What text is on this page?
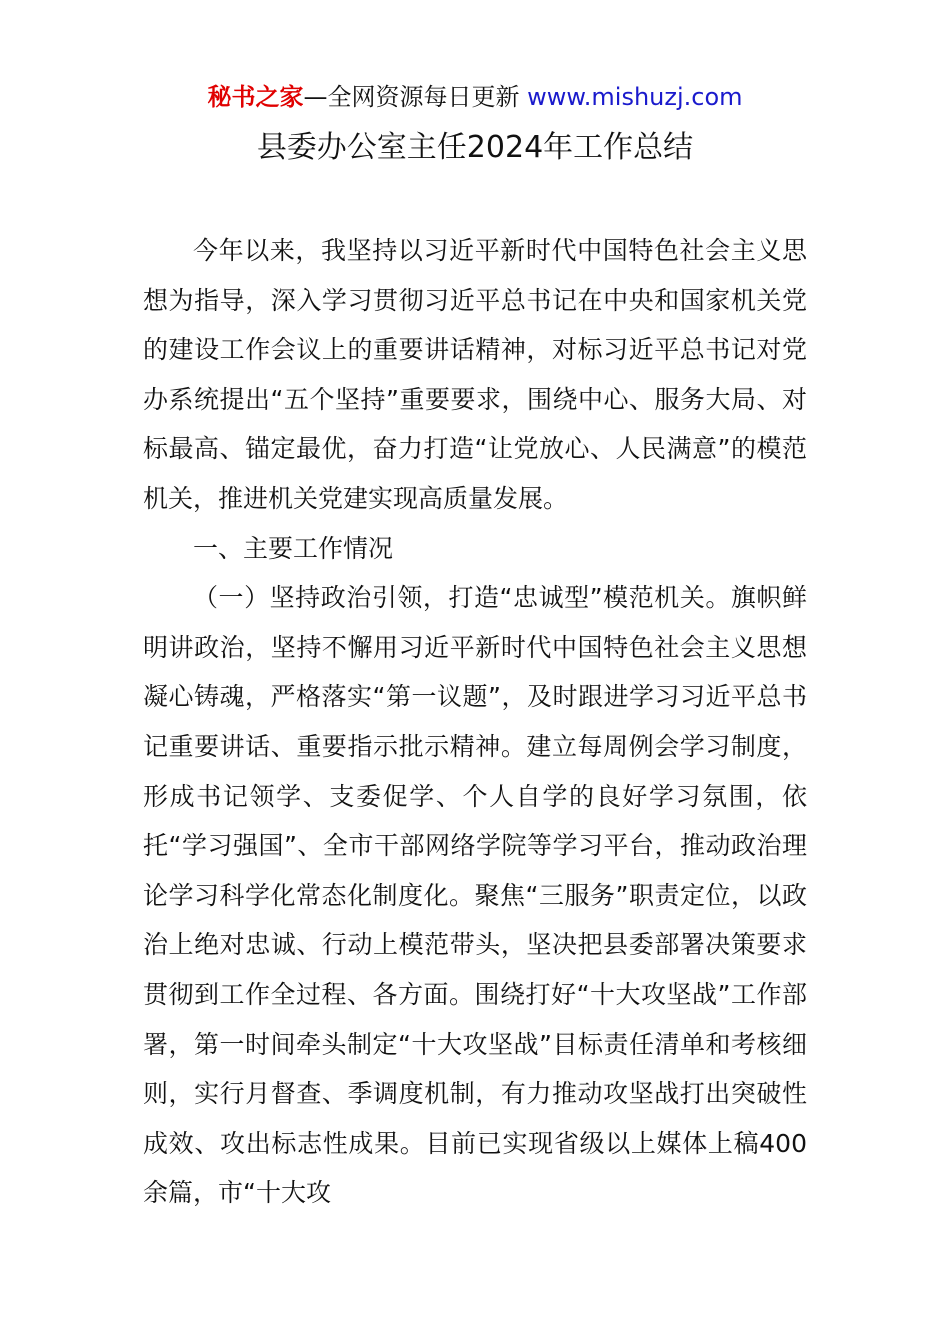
秘书之家—全网资源每日更新 www.mishuzj.com
县委办公室主任2024年工作总结

今年以来，我坚持以习近平新时代中国特色社会主义思想为指导，深入学习贯彻习近平总书记在中央和国家机关党的建设工作会议上的重要讲话精神，对标习近平总书记对党办系统提出“五个坚持”重要要求，围绕中心、服务大局、对标最高、锚定最优，奋力打造“让党放心、人民满意”的模范机关，推进机关党建实现高质量发展。

一、主要工作情况

（一）坚持政治引领，打造“忠诚型”模范机关。旗帜鲜明讲政治，坚持不懈用习近平新时代中国特色社会主义思想凝心铸魂，严格落实“第一议题”，及时跟进学习习近平总书记重要讲话、重要指示批示精神。建立每周例会学习制度，形成书记领学、支委促学、个人自学的良好学习氛围，依托“学习强国”、全市干部网络学院等学习平台，推动政治理论学习科学化常态化制度化。聚焦“三服务”职责定位，以政治上绝对忠诚、行动上模范带头，坚决把县委部署决策要求贯彻到工作全过程、各方面。围绕打好“十大攻坚战”工作部署，第一时间牵头制定“十大攻坚战”目标责任清单和考核细则，实行月督查、季调度机制，有力推动攻坚战打出突破性成效、攻出标志性成果。目前已实现省级以上媒体上稿400余篇，市“十大攻
